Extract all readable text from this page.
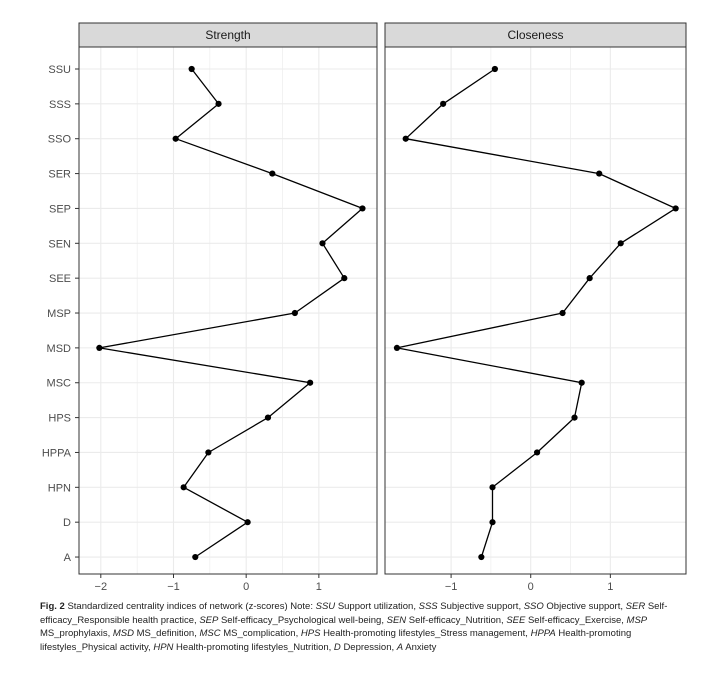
Strength
−2	−1	0	1
Closeness
−1	0	1
SSU
SSS
SSO
SER
SEP
SEN
SEE
MSP
MSD
MSC
HPS
HPPA
HPN
D
A
Fig. 2 Standardized centrality indices of network (z-scores) Note: SSU Support utilization, SSS Subjective support, SSO Objective support, SER Self-efficacy_Responsible health practice, SEP Self-efficacy_Psychological well-being, SEN Self-efficacy_Nutrition, SEE Self-efficacy_Exercise, MSP MS_prophylaxis, MSD MS_definition, MSC MS_complication, HPS Health-promoting lifestyles_Stress management, HPPA Health-promoting lifestyles_Physical activity, HPN Health-promoting lifestyles_Nutrition, D Depression, A Anxiety
